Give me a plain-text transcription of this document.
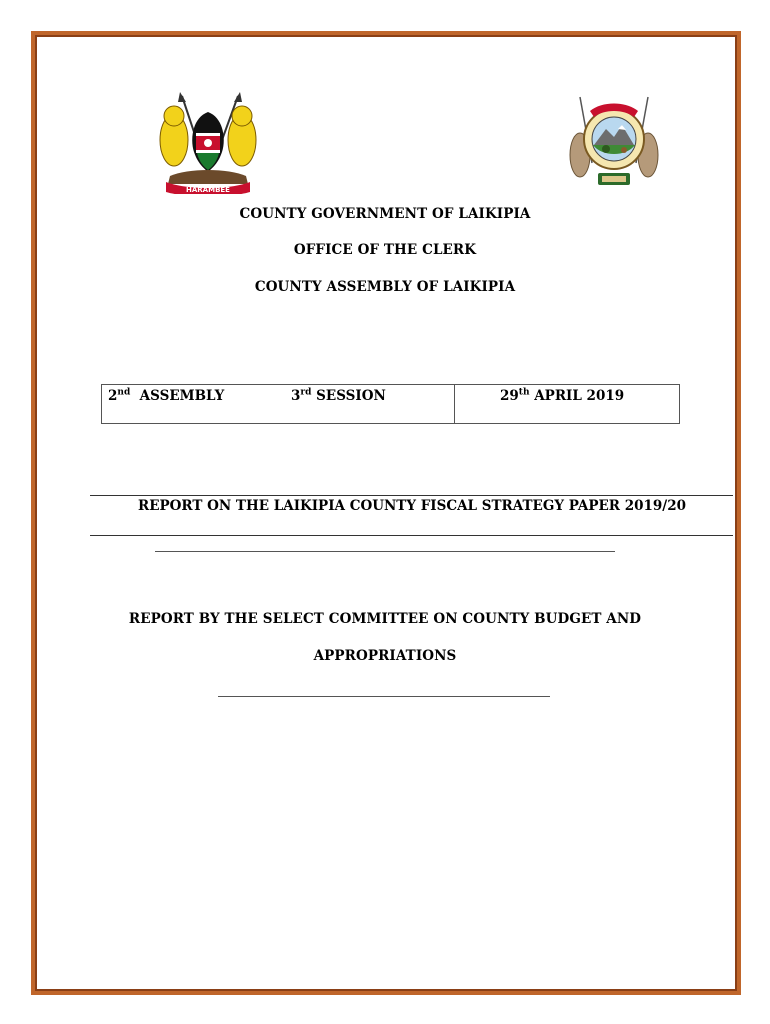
HARAMBEE
COUNTY GOVERNMENT OF LAIKIPIA
OFFICE OF THE CLERK
COUNTY ASSEMBLY OF LAIKIPIA
2nd ASSEMBLY	3rd SESSION	29th APRIL 2019
REPORT ON THE LAIKIPIA COUNTY FISCAL STRATEGY PAPER 2019/20
REPORT BY THE SELECT COMMITTEE ON COUNTY BUDGET AND
APPROPRIATIONS
